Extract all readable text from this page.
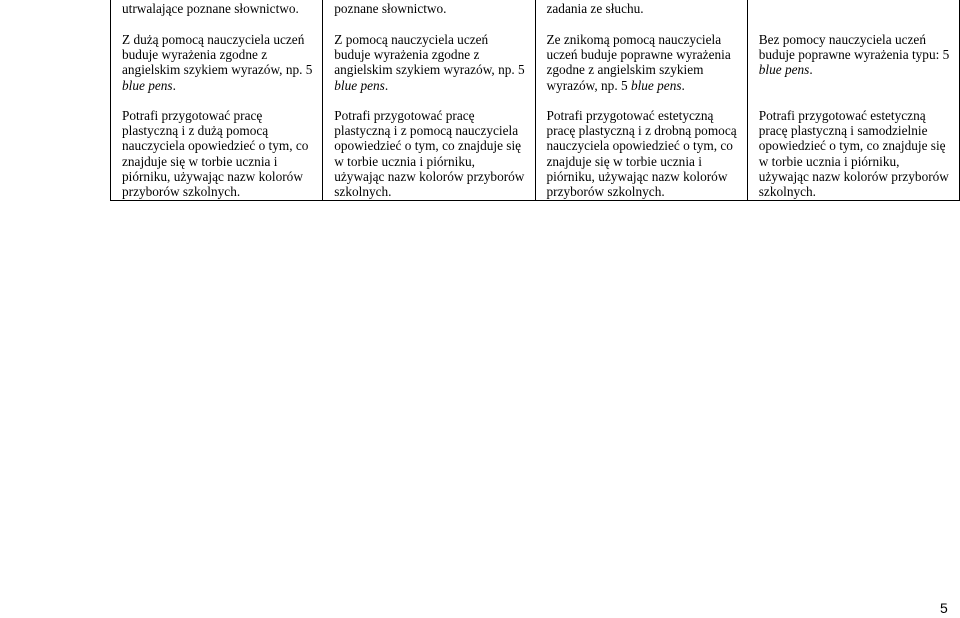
utrwalające poznane słownictwo.	poznane słownictwo.	zadania ze słuchu.	
Z dużą pomocą nauczyciela uczeń buduje wyrażenia zgodne z angielskim szykiem wyrazów, np. 5 blue pens.	Z pomocą nauczyciela uczeń buduje wyrażenia zgodne z angielskim szykiem wyrazów, np. 5 blue pens.	Ze znikomą pomocą nauczyciela uczeń buduje poprawne wyrażenia zgodne z angielskim szykiem wyrazów, np. 5 blue pens.	Bez pomocy nauczyciela uczeń buduje poprawne wyrażenia typu: 5 blue pens.
Potrafi przygotować pracę plastyczną i z dużą pomocą nauczyciela opowiedzieć o tym, co znajduje się w torbie ucznia i piórniku, używając nazw kolorów przyborów szkolnych.	Potrafi przygotować pracę plastyczną i z pomocą nauczyciela opowiedzieć o tym, co znajduje się w torbie ucznia i piórniku, używając nazw kolorów przyborów szkolnych.	Potrafi przygotować estetyczną pracę plastyczną i z drobną pomocą nauczyciela opowiedzieć o tym, co znajduje się w torbie ucznia i piórniku, używając nazw kolorów przyborów szkolnych.	Potrafi przygotować estetyczną pracę plastyczną i samodzielnie opowiedzieć o tym, co znajduje się w torbie ucznia i piórniku, używając nazw kolorów przyborów szkolnych.
5
